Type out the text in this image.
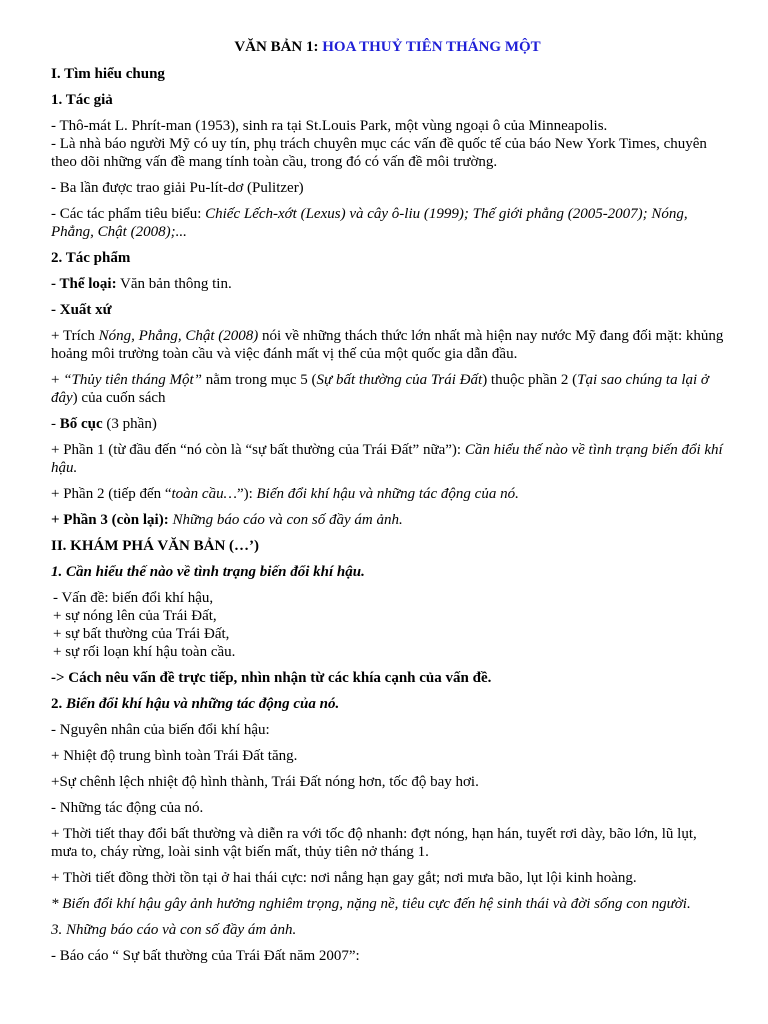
VĂN BẢN 1: HOA THUỶ TIÊN THÁNG MỘT

I. Tìm hiểu chung

1. Tác giả

- Thô-mát L. Phrít-man (1953), sinh ra tại St.Louis Park, một vùng ngoại ô của Minneapolis.

- Là nhà báo người Mỹ có uy tín, phụ trách chuyên mục các vấn đề quốc tế của báo New York Times, chuyên theo dõi những vấn đề mang tính toàn cầu, trong đó có vấn đề môi trường.

- Ba lần được trao giải Pu-lít-dơ (Pulitzer)

- Các tác phẩm tiêu biểu: Chiếc Lếch-xớt (Lexus) và cây ô-liu (1999); Thế giới phẳng (2005-2007); Nóng, Phẳng, Chật (2008);...

2. Tác phẩm

- Thể loại: Văn bản thông tin.

- Xuất xứ

+ Trích Nóng, Phẳng, Chật (2008) nói về những thách thức lớn nhất mà hiện nay nước Mỹ đang đối mặt: khủng hoảng môi trường toàn cầu và việc đánh mất vị thế của một quốc gia dẫn đầu.

+ “Thủy tiên tháng Một” nằm trong mục 5 (Sự bất thường của Trái Đất) thuộc phần 2 (Tại sao chúng ta lại ở đây) của cuốn sách

- Bố cục (3 phần)

+ Phần 1 (từ đầu đến “nó còn là “sự bất thường của Trái Đất” nữa”): Cần hiểu thế nào về tình trạng biến đổi khí hậu.

+ Phần 2 (tiếp đến “toàn cầu…”): Biến đổi khí hậu và những tác động của nó.

+ Phần 3 (còn lại): Những báo cáo và con số đầy ám ảnh.

II. KHÁM PHÁ VĂN BẢN (…’)

1. Cần hiểu thế nào về tình trạng biến đổi khí hậu.

- Vấn đề: biến đổi khí hậu,

+ sự nóng lên của Trái Đất,

+ sự bất thường của Trái Đất,

+ sự rối loạn khí hậu toàn cầu.

-> Cách nêu vấn đề trực tiếp, nhìn nhận từ các khía cạnh của vấn đề.

2. Biến đổi khí hậu và những tác động của nó.

- Nguyên nhân của biến đổi khí hậu:

+ Nhiệt độ trung bình toàn Trái Đất tăng.

+Sự chênh lệch nhiệt độ hình thành, Trái Đất nóng hơn, tốc độ bay hơi.

- Những tác động của nó.

+ Thời tiết thay đổi bất thường và diễn ra với tốc độ nhanh: đợt nóng, hạn hán, tuyết rơi dày, bão lớn, lũ lụt, mưa to, cháy rừng, loài sinh vật biến mất, thủy tiên nở tháng 1.

+ Thời tiết đồng thời tồn tại ở hai thái cực: nơi nắng hạn gay gắt; nơi mưa bão, lụt lội kinh hoàng.

* Biến đổi khí hậu gây ảnh hưởng nghiêm trọng, nặng nề, tiêu cực đến hệ sinh thái và đời sống con người.

3. Những báo cáo và con số đầy ám ảnh.

- Báo cáo “ Sự bất thường của Trái Đất năm 2007”:
